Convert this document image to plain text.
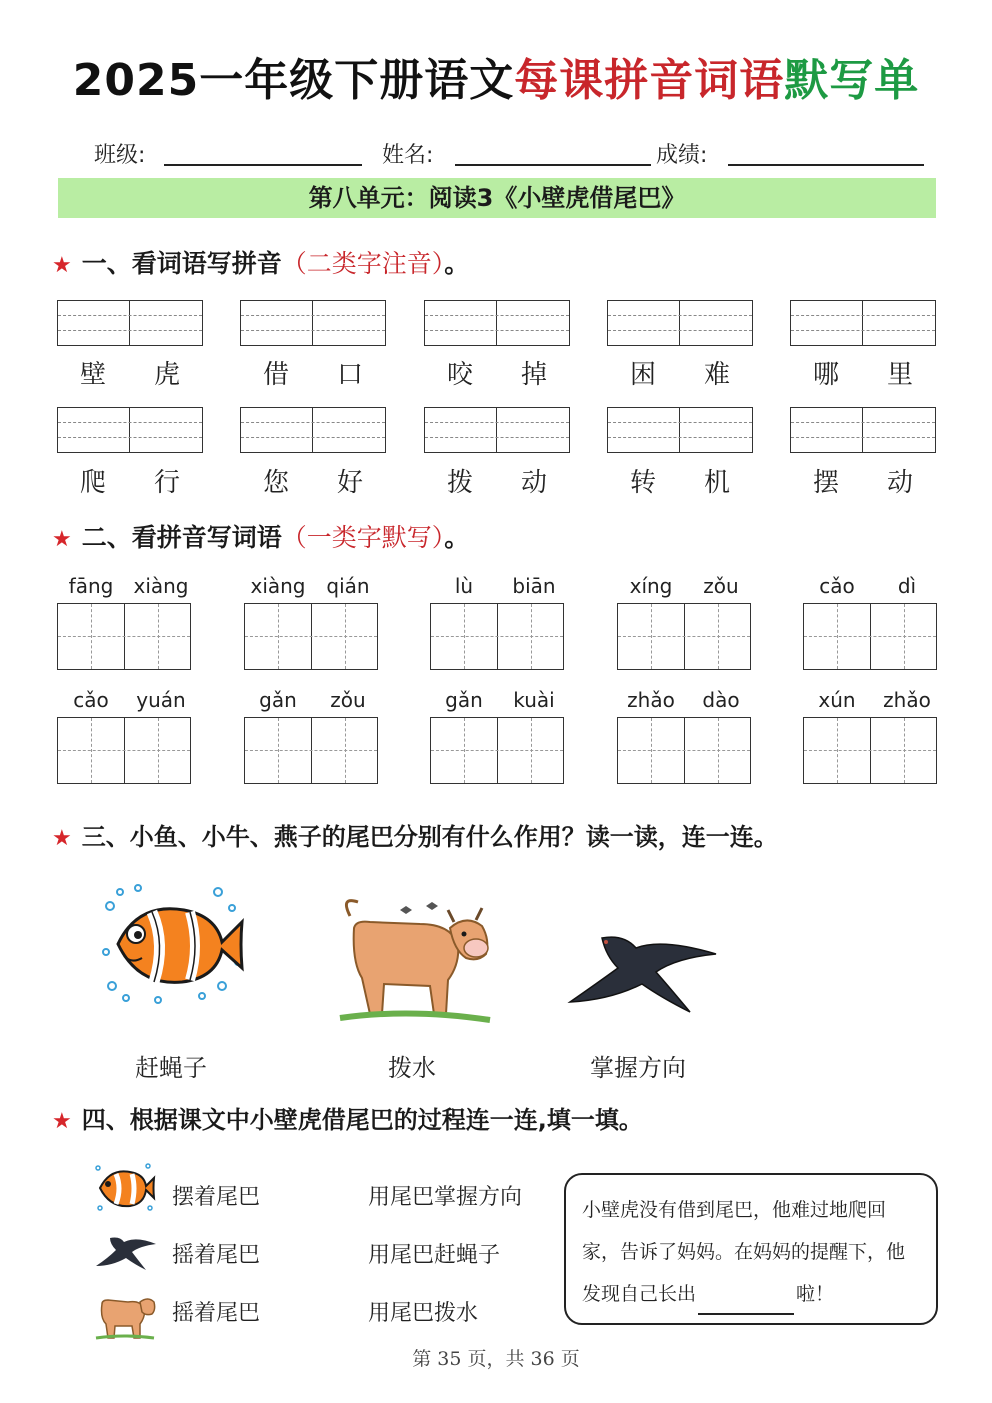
2025一年级下册语文每课拼音词语默写单
班级:	姓名:	成绩:
第八单元：阅读3《小壁虎借尾巴》
★ 一、看词语写拼音（二类字注音）。
壁	虎	借	口	咬	掉	困	难	哪	里
爬	行	您	好	拨	动	转	机	摆	动
★ 二、看拼音写词语（一类字默写）。
fāng	xiàng	xiàng	qián	lù	biān	xíng	zǒu	cǎo	dì
cǎo	yuán	gǎn	zǒu	gǎn	kuài	zhǎo	dào	xún	zhǎo
★ 三、小鱼、小牛、燕子的尾巴分别有什么作用？读一读，连一连。
赶蝇子	拨水	掌握方向
★ 四、根据课文中小壁虎借尾巴的过程连一连,填一填。
摆着尾巴
摇着尾巴
摇着尾巴
用尾巴掌握方向
用尾巴赶蝇子
用尾巴拨水
小壁虎没有借到尾巴，他难过地爬回家，告诉了妈妈。在妈妈的提醒下，他发现自己长出	啦！
第 35 页，共 36 页
